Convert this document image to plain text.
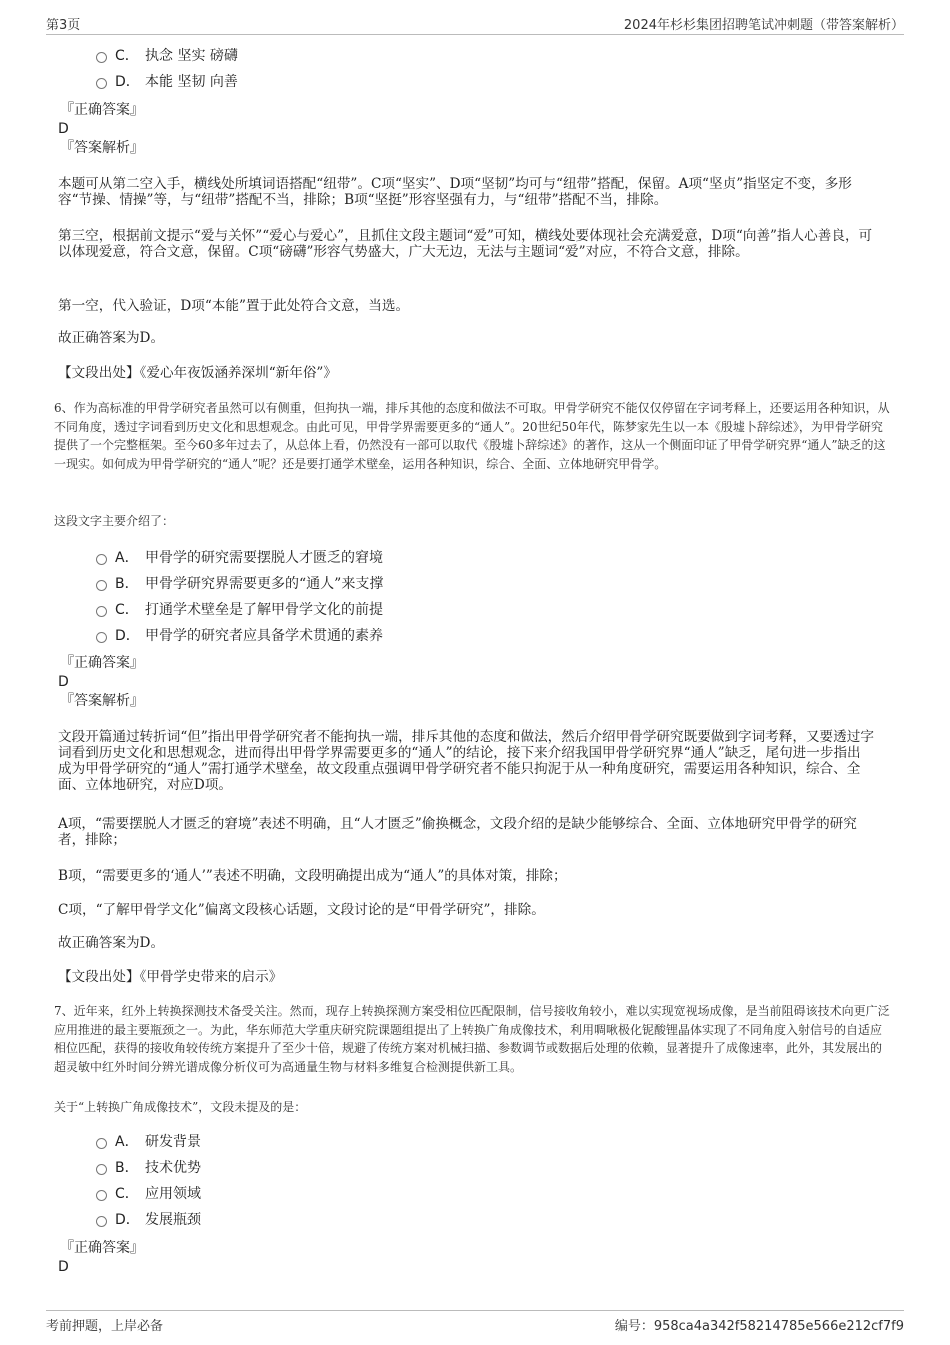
第3页	2024年杉杉集团招聘笔试冲刺题（带答案解析）
C． 执念 坚实 磅礴
D． 本能 坚韧 向善
『正确答案』
D
『答案解析』
本题可从第二空入手，横线处所填词语搭配“纽带”。C项“坚实”、D项“坚韧”均可与“纽带”搭配，保留。A项“坚贞”指坚定不变，多形容“节操、情操”等，与“纽带”搭配不当，排除；B项“坚挺”形容坚强有力，与“纽带”搭配不当，排除。
第三空，根据前文提示“爱与关怀”“爱心与爱心”，且抓住文段主题词“爱”可知，横线处要体现社会充满爱意，D项“向善”指人心善良，可以体现爱意，符合文意，保留。C项“磅礴”形容气势盛大，广大无边，无法与主题词“爱”对应，不符合文意，排除。
第一空，代入验证，D项“本能”置于此处符合文意，当选。
故正确答案为D。
【文段出处】《爱心年夜饭涵养深圳“新年俗”》
6、作为高标准的甲骨学研究者虽然可以有侧重，但拘执一端，排斥其他的态度和做法不可取。甲骨学研究不能仅仅停留在字词考释上，还要运用各种知识，从不同角度，透过字词看到历史文化和思想观念。由此可见，甲骨学界需要更多的“通人”。20世纪50年代，陈梦家先生以一本《殷墟卜辞综述》，为甲骨学研究提供了一个完整框架。至今60多年过去了，从总体上看，仍然没有一部可以取代《殷墟卜辞综述》的著作，这从一个侧面印证了甲骨学研究界“通人”缺乏的这一现实。如何成为甲骨学研究的“通人”呢？还是要打通学术壁垒，运用各种知识，综合、全面、立体地研究甲骨学。
这段文字主要介绍了：
A． 甲骨学的研究需要摆脱人才匮乏的窘境
B． 甲骨学研究界需要更多的“通人”来支撑
C． 打通学术壁垒是了解甲骨学文化的前提
D． 甲骨学的研究者应具备学术贯通的素养
『正确答案』
D
『答案解析』
文段开篇通过转折词“但”指出甲骨学研究者不能拘执一端，排斥其他的态度和做法，然后介绍甲骨学研究既要做到字词考释，又要透过字词看到历史文化和思想观念，进而得出甲骨学界需要更多的“通人”的结论，接下来介绍我国甲骨学研究界“通人”缺乏，尾句进一步指出成为甲骨学研究的“通人”需打通学术壁垒，故文段重点强调甲骨学研究者不能只拘泥于从一种角度研究，需要运用各种知识，综合、全面、立体地研究，对应D项。
A项，“需要摆脱人才匮乏的窘境”表述不明确，且“人才匮乏”偷换概念，文段介绍的是缺少能够综合、全面、立体地研究甲骨学的研究者，排除；
B项，“需要更多的‘通人’”表述不明确，文段明确提出成为“通人”的具体对策，排除；
C项，“了解甲骨学文化”偏离文段核心话题，文段讨论的是“甲骨学研究”，排除。
故正确答案为D。
【文段出处】《甲骨学史带来的启示》
7、近年来，红外上转换探测技术备受关注。然而，现存上转换探测方案受相位匹配限制，信号接收角较小，难以实现宽视场成像，是当前阻碍该技术向更广泛应用推进的最主要瓶颈之一。为此，华东师范大学重庆研究院课题组提出了上转换广角成像技术，利用啁啾极化铌酸锂晶体实现了不同角度入射信号的自适应相位匹配，获得的接收角较传统方案提升了至少十倍，规避了传统方案对机械扫描、参数调节或数据后处理的依赖，显著提升了成像速率，此外，其发展出的超灵敏中红外时间分辨光谱成像分析仪可为高通量生物与材料多维复合检测提供新工具。
关于“上转换广角成像技术”，文段未提及的是：
A． 研发背景
B． 技术优势
C． 应用领域
D． 发展瓶颈
『正确答案』
D
考前押题，上岸必备	编号：958ca4a342f58214785e566e212cf7f9
